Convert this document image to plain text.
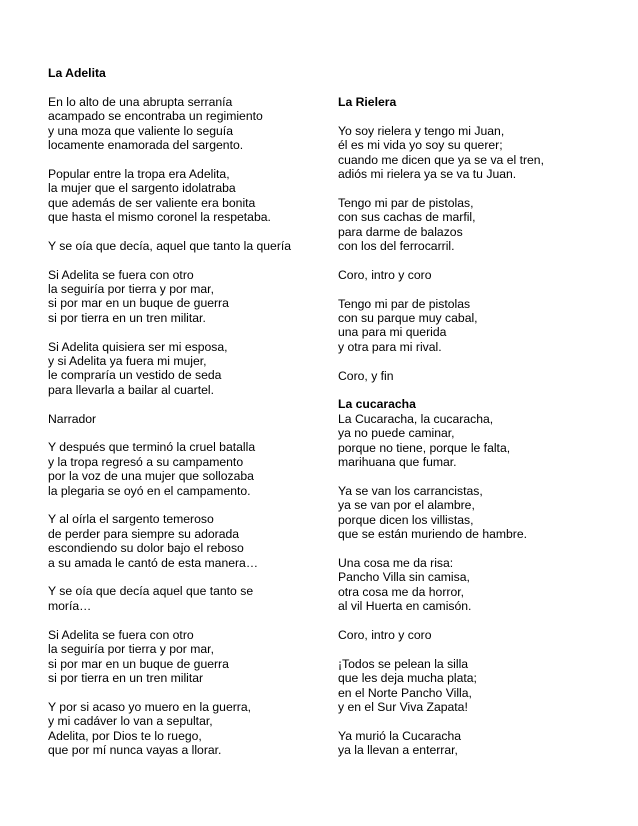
La Adelita
En lo alto de una abrupta serranía
acampado se encontraba un regimiento
y una moza que valiente lo seguía
locamente enamorada del sargento.
Popular entre la tropa era Adelita,
la mujer que el sargento idolatraba
que además de ser valiente era bonita
que hasta el mismo coronel la respetaba.
Y se oía que decía, aquel que tanto la quería
Si Adelita se fuera con otro
la seguiría por tierra y por mar,
si por mar en un buque de guerra
si por tierra en un tren militar.
Si Adelita quisiera ser mi esposa,
y si Adelita ya fuera mi mujer,
le compraría un vestido de seda
para llevarla a bailar al cuartel.
Narrador
Y después que terminó la cruel batalla
y la tropa regresó a su campamento
por la voz de una mujer que sollozaba
la plegaria se oyó en el campamento.
Y al oírla el sargento temeroso
de perder para siempre su adorada
escondiendo su dolor bajo el reboso
a su amada le cantó de esta manera…
Y se oía que decía aquel que tanto se
moría…
Si Adelita se fuera con otro
la seguiría por tierra y por mar,
si por mar en un buque de guerra
si por tierra en un tren militar
Y por si acaso yo muero en la guerra,
y mi cadáver lo van a sepultar,
Adelita, por Dios te lo ruego,
que por mí nunca vayas a llorar.
La Rielera
Yo soy rielera y tengo mi Juan,
él es mi vida yo soy su querer;
cuando me dicen que ya se va el tren,
adiós mi rielera ya se va tu Juan.
Tengo mi par de pistolas,
con sus cachas de marfil,
para darme de balazos
con los del ferrocarril.
Coro, intro y coro
Tengo mi par de pistolas
con su parque muy cabal,
una para mi querida
y otra para mi rival.
Coro, y fin
La cucaracha
La Cucaracha, la cucaracha,
ya no puede caminar,
porque no tiene, porque le falta,
marihuana que fumar.
Ya se van los carrancistas,
ya se van por el alambre,
porque dicen los villistas,
que se están muriendo de hambre.
Una cosa me da risa:
Pancho Villa sin camisa,
otra cosa me da horror,
al vil Huerta en camisón.
Coro, intro y coro
¡Todos se pelean la silla
que les deja mucha plata;
en el Norte Pancho Villa,
y en el Sur Viva Zapata!
Ya murió la Cucaracha
ya la llevan a enterrar,
